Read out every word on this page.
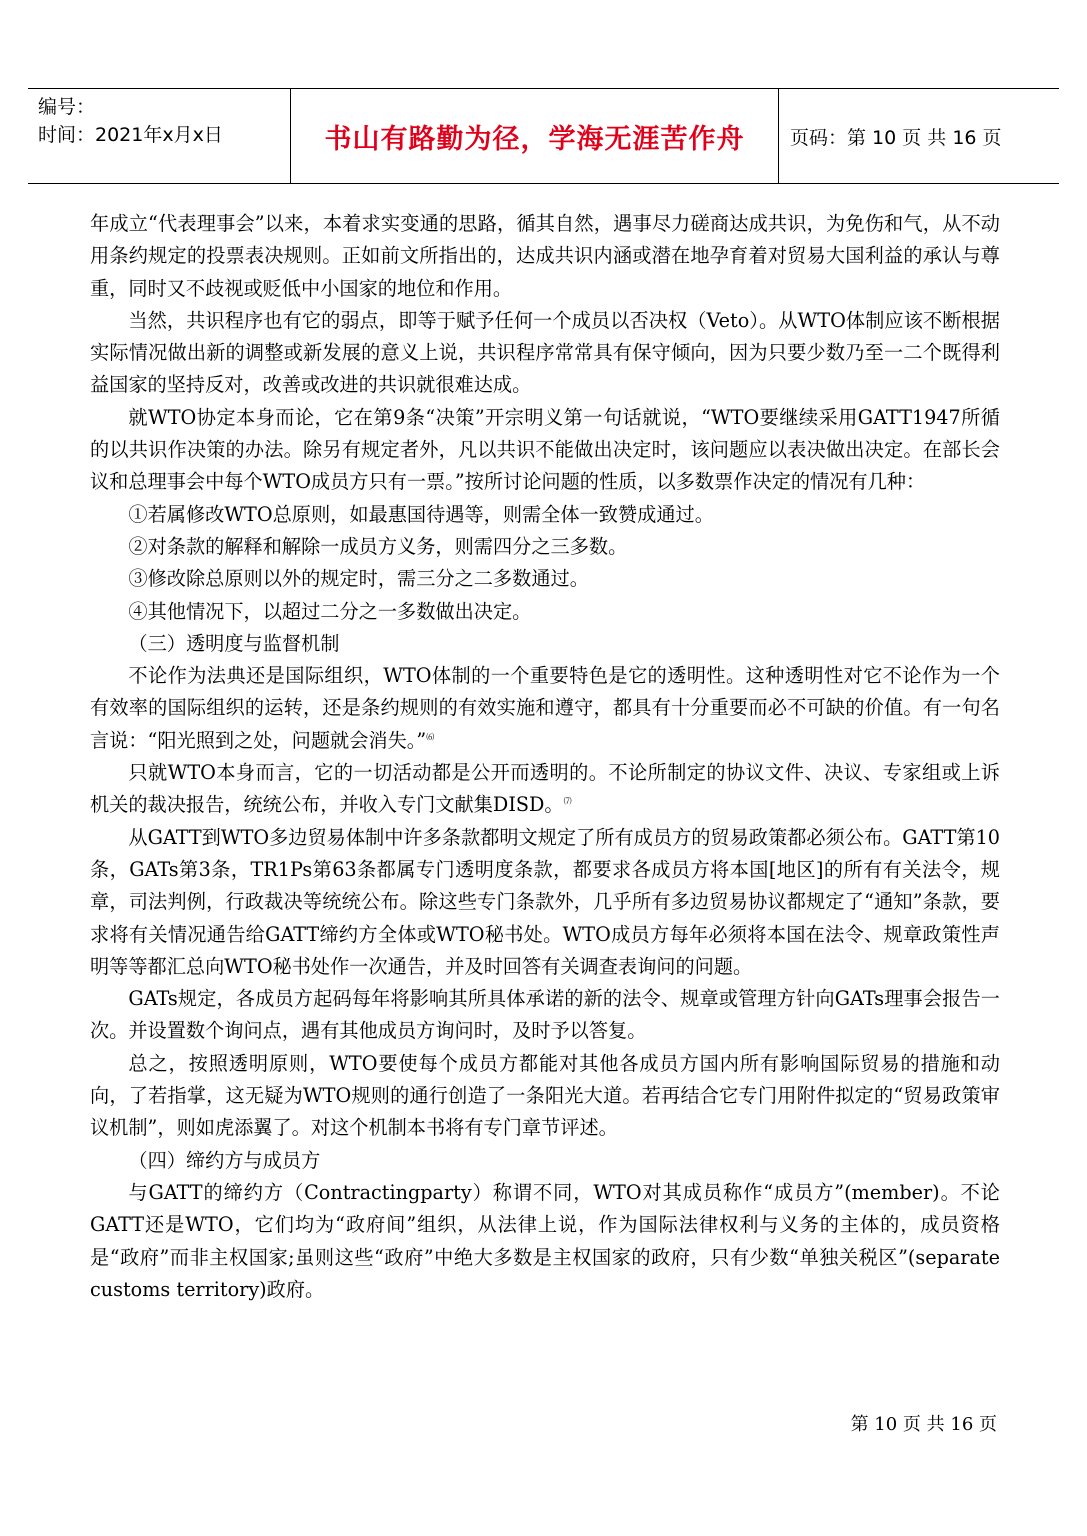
编号：
时间：2021年x月x日	书山有路勤为径，学海无涯苦作舟	页码：第 10 页 共 16 页

年成立“代表理事会”以来，本着求实变通的思路，循其自然，遇事尽力磋商达成共识，为免伤和气，从不动用条约规定的投票表决规则。正如前文所指出的，达成共识内涵或潜在地孕育着对贸易大国利益的承认与尊重，同时又不歧视或贬低中小国家的地位和作用。

当然，共识程序也有它的弱点，即等于赋予任何一个成员以否决权（Veto）。从WTO体制应该不断根据实际情况做出新的调整或新发展的意义上说，共识程序常常具有保守倾向，因为只要少数乃至一二个既得利益国家的坚持反对，改善或改进的共识就很难达成。

就WTO协定本身而论，它在第9条“决策”开宗明义第一句话就说，“WTO要继续采用GATT1947所循的以共识作决策的办法。除另有规定者外，凡以共识不能做出决定时，该问题应以表决做出决定。在部长会议和总理事会中每个WTO成员方只有一票。”按所讨论问题的性质，以多数票作决定的情况有几种：

①若属修改WTO总原则，如最惠国待遇等，则需全体一致赞成通过。

②对条款的解释和解除一成员方义务，则需四分之三多数。

③修改除总原则以外的规定时，需三分之二多数通过。

④其他情况下，以超过二分之一多数做出决定。

（三）透明度与监督机制

不论作为法典还是国际组织，WTO体制的一个重要特色是它的透明性。这种透明性对它不论作为一个有效率的国际组织的运转，还是条约规则的有效实施和遵守，都具有十分重要而必不可缺的价值。有一句名言说：“阳光照到之处，问题就会消失。”⑹

只就WTO本身而言，它的一切活动都是公开而透明的。不论所制定的协议文件、决议、专家组或上诉机关的裁决报告，统统公布，并收入专门文献集DISD。⑺

从GATT到WTO多边贸易体制中许多条款都明文规定了所有成员方的贸易政策都必须公布。GATT第10条，GATs第3条，TR1Ps第63条都属专门透明度条款，都要求各成员方将本国[地区]的所有有关法令，规章，司法判例，行政裁决等统统公布。除这些专门条款外，几乎所有多边贸易协议都规定了“通知”条款，要求将有关情况通告给GATT缔约方全体或WTO秘书处。WTO成员方每年必须将本国在法令、规章政策性声明等等都汇总向WTO秘书处作一次通告，并及时回答有关调查表询问的问题。

GATs规定，各成员方起码每年将影响其所具体承诺的新的法令、规章或管理方针向GATs理事会报告一次。并设置数个询问点，遇有其他成员方询问时，及时予以答复。

总之，按照透明原则，WTO要使每个成员方都能对其他各成员方国内所有影响国际贸易的措施和动向，了若指掌，这无疑为WTO规则的通行创造了一条阳光大道。若再结合它专门用附件拟定的“贸易政策审议机制”，则如虎添翼了。对这个机制本书将有专门章节评述。

（四）缔约方与成员方

与GATT的缔约方（Contractingparty）称谓不同，WTO对其成员称作“成员方”(member)。不论GATT还是WTO，它们均为“政府间”组织，从法律上说，作为国际法律权利与义务的主体的，成员资格是“政府”而非主权国家;虽则这些“政府”中绝大多数是主权国家的政府，只有少数“单独关税区”(separate customs territory)政府。

第 10 页 共 16 页
